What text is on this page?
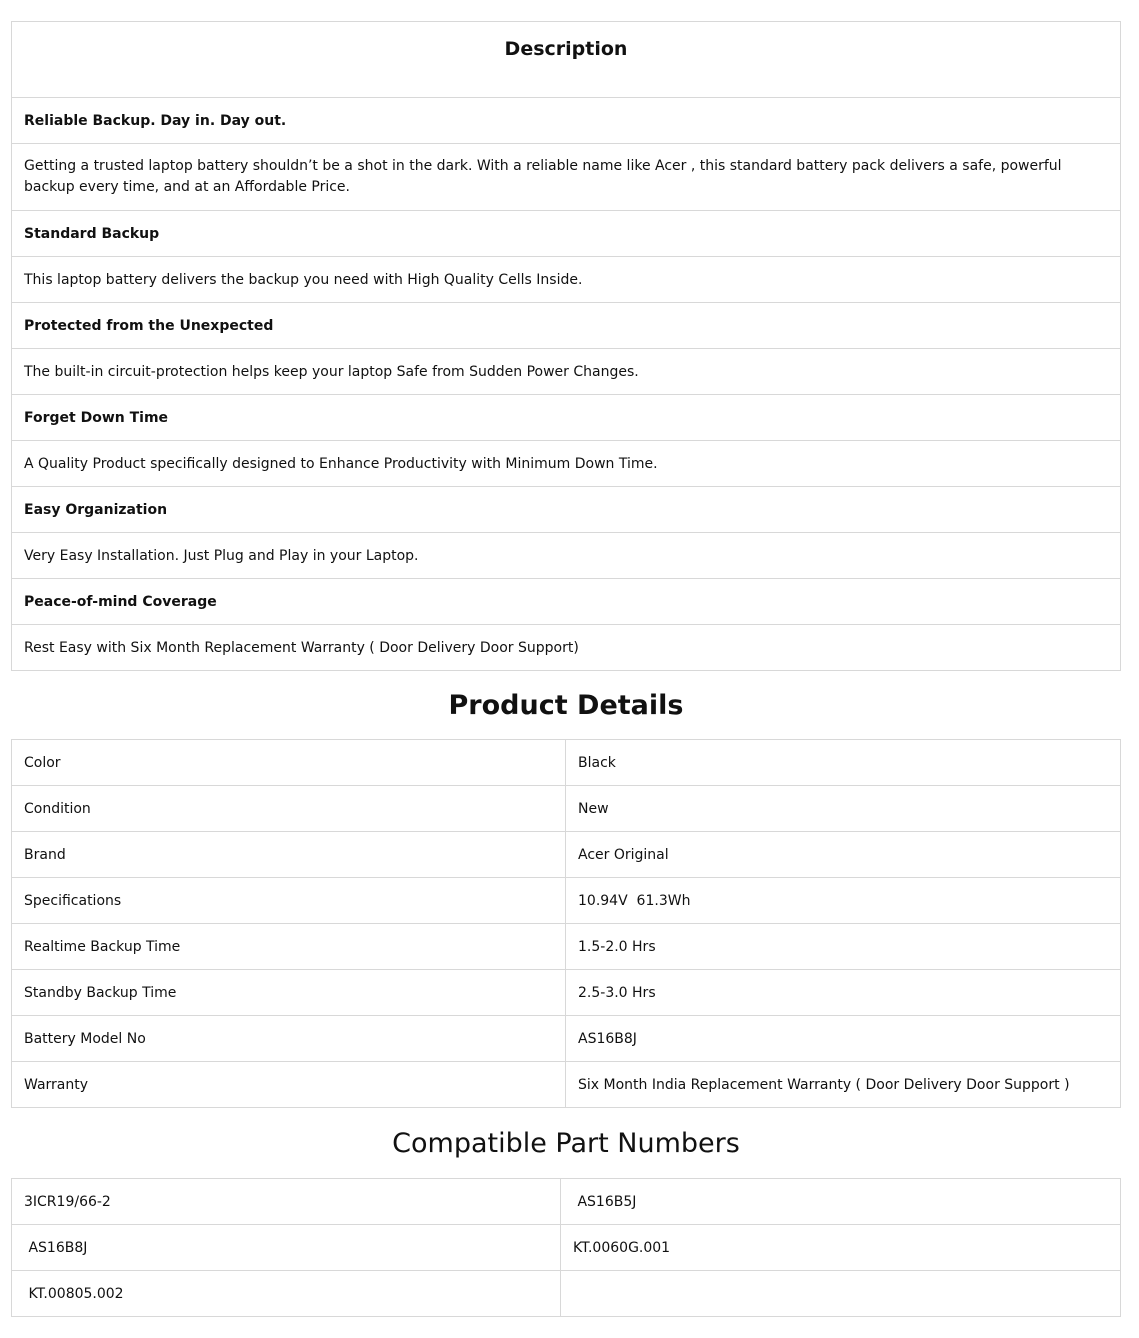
Description
Reliable Backup. Day in. Day out.
Getting a trusted laptop battery shouldn’t be a shot in the dark. With a reliable name like Acer , this standard battery pack delivers a safe, powerful backup every time, and at an Affordable Price.
Standard Backup
This laptop battery delivers the backup you need with High Quality Cells Inside.
Protected from the Unexpected
The built-in circuit-protection helps keep your laptop Safe from Sudden Power Changes.
Forget Down Time
A Quality Product specifically designed to Enhance Productivity with Minimum Down Time.
Easy Organization
Very Easy Installation. Just Plug and Play in your Laptop.
Peace-of-mind Coverage
Rest Easy with Six Month Replacement Warranty ( Door Delivery Door Support)
Product Details
Color	Black
Condition	New
Brand	Acer Original
Specifications	10.94V  61.3Wh
Realtime Backup Time	1.5-2.0 Hrs
Standby Backup Time	2.5-3.0 Hrs
Battery Model No	AS16B8J
Warranty	Six Month India Replacement Warranty ( Door Delivery Door Support )
Compatible Part Numbers
3ICR19/66-2	AS16B5J
AS16B8J	KT.0060G.001
KT.00805.002	
